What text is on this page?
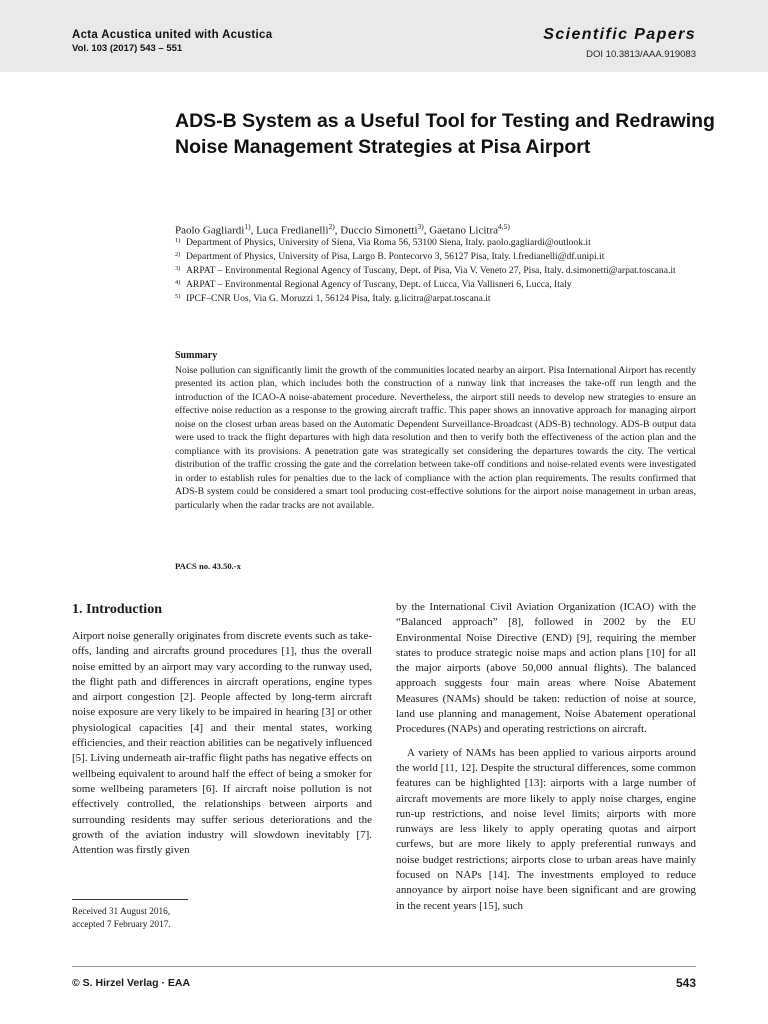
Acta Acustica united with Acustica
Vol. 103 (2017) 543 – 551
Scientific Papers
DOI 10.3813/AAA.919083
ADS-B System as a Useful Tool for Testing and Redrawing Noise Management Strategies at Pisa Airport
Paolo Gagliardi$^{1)}$, Luca Fredianelli$^{2)}$, Duccio Simonetti$^{3)}$, Gaetano Licitra$^{4,5)}$
1) Department of Physics, University of Siena, Via Roma 56, 53100 Siena, Italy. paolo.gagliardi@outlook.it
2) Department of Physics, University of Pisa, Largo B. Pontecorvo 3, 56127 Pisa, Italy. l.fredianelli@df.unipi.it
3) ARPAT – Environmental Regional Agency of Tuscany, Dept. of Pisa, Via V. Veneto 27, Pisa, Italy. d.simonetti@arpat.toscana.it
4) ARPAT – Environmental Regional Agency of Tuscany, Dept. of Lucca, Via Vallisneri 6, Lucca, Italy
5) IPCF–CNR Uos, Via G. Moruzzi 1, 56124 Pisa, Italy. g.licitra@arpat.toscana.it
Summary

Noise pollution can significantly limit the growth of the communities located nearby an airport. Pisa International Airport has recently presented its action plan, which includes both the construction of a runway link that increases the take-off run length and the introduction of the ICAO-A noise-abatement procedure. Nevertheless, the airport still needs to develop new strategies to ensure an effective noise reduction as a response to the growing aircraft traffic. This paper shows an innovative approach for managing airport noise on the closest urban areas based on the Automatic Dependent Surveillance-Broadcast (ADS-B) technology. ADS-B output data were used to track the flight departures with high data resolution and then to verify both the effectiveness of the action plan and the compliance with its provisions. A penetration gate was strategically set considering the departures towards the city. The vertical distribution of the traffic crossing the gate and the correlation between take-off conditions and noise-related events were investigated in order to establish rules for penalties due to the lack of compliance with the action plan requirements. The results confirmed that ADS-B system could be considered a smart tool producing cost-effective solutions for the airport noise management in urban areas, particularly when the radar tracks are not available.

PACS no. 43.50.-x
1. Introduction

Airport noise generally originates from discrete events such as take-offs, landing and aircrafts ground procedures [1], thus the overall noise emitted by an airport may vary according to the runway used, the flight path and differences in aircraft operations, engine types and airport congestion [2]. People affected by long-term aircraft noise exposure are very likely to be impaired in hearing [3] or other physiological capacities [4] and their mental states, working efficiencies, and their reaction abilities can be negatively influenced [5]. Living underneath air-traffic flight paths has negative effects on wellbeing equivalent to around half the effect of being a smoker for some wellbeing parameters [6]. If aircraft noise pollution is not effectively controlled, the relationships between airports and surrounding residents may suffer serious deteriorations and the growth of the aviation industry will slowdown inevitably [7]. Attention was firstly given

by the International Civil Aviation Organization (ICAO) with the “Balanced approach” [8], followed in 2002 by the EU Environmental Noise Directive (END) [9], requiring the member states to produce strategic noise maps and action plans [10] for all the major airports (above 50,000 annual flights). The balanced approach suggests four main areas where Noise Abatement Measures (NAMs) should be taken: reduction of noise at source, land use planning and management, Noise Abatement operational Procedures (NAPs) and operating restrictions on aircraft.

A variety of NAMs has been applied to various airports around the world [11, 12]. Despite the structural differences, some common features can be highlighted [13]: airports with a large number of aircraft movements are more likely to apply noise charges, engine run-up restrictions, and noise level limits; airports with more runways are less likely to apply operating quotas and airport curfews, but are more likely to apply preferential runways and noise budget restrictions; airports close to urban areas have mainly focused on NAPs [14]. The investments employed to reduce annoyance by airport noise have been significant and are growing in the recent years [15], such

Received 31 August 2016,
accepted 7 February 2017.
© S. Hirzel Verlag · EAA	543
